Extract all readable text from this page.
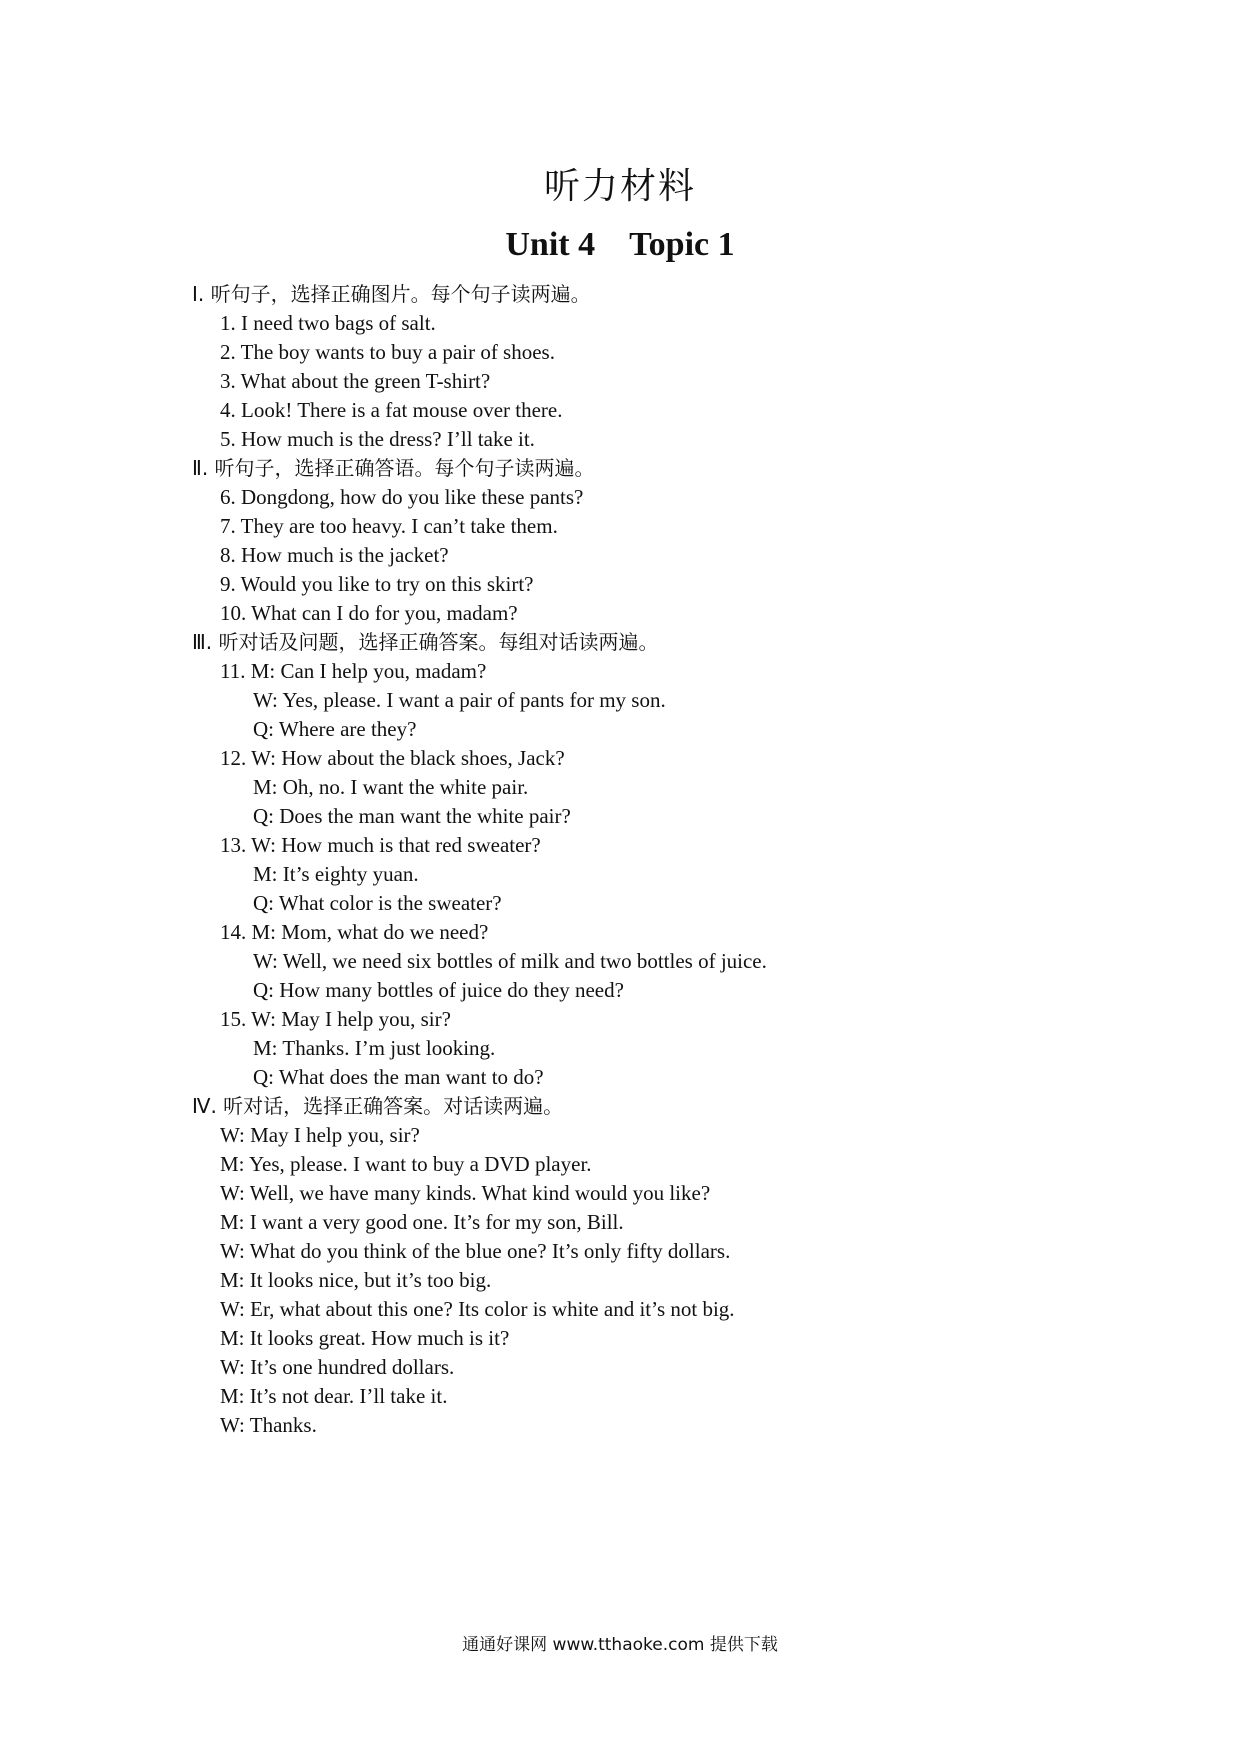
听力材料
Unit 4 Topic 1
Ⅰ. 听句子，选择正确图片。每个句子读两遍。
1. I need two bags of salt.
2. The boy wants to buy a pair of shoes.
3. What about the green T-shirt?
4. Look! There is a fat mouse over there.
5. How much is the dress? I’ll take it.
Ⅱ. 听句子，选择正确答语。每个句子读两遍。
6. Dongdong, how do you like these pants?
7. They are too heavy. I can’t take them.
8. How much is the jacket?
9. Would you like to try on this skirt?
10. What can I do for you, madam?
Ⅲ. 听对话及问题，选择正确答案。每组对话读两遍。
11. M: Can I help you, madam?
W: Yes, please. I want a pair of pants for my son.
Q: Where are they?
12. W: How about the black shoes, Jack?
M: Oh, no. I want the white pair.
Q: Does the man want the white pair?
13. W: How much is that red sweater?
M: It’s eighty yuan.
Q: What color is the sweater?
14. M: Mom, what do we need?
W: Well, we need six bottles of milk and two bottles of juice.
Q: How many bottles of juice do they need?
15. W: May I help you, sir?
M: Thanks. I’m just looking.
Q: What does the man want to do?
Ⅳ. 听对话，选择正确答案。对话读两遍。
W: May I help you, sir?
M: Yes, please. I want to buy a DVD player.
W: Well, we have many kinds. What kind would you like?
M: I want a very good one. It’s for my son, Bill.
W: What do you think of the blue one? It’s only fifty dollars.
M: It looks nice, but it’s too big.
W: Er, what about this one? Its color is white and it’s not big.
M: It looks great. How much is it?
W: It’s one hundred dollars.
M: It’s not dear. I’ll take it.
W: Thanks.
通通好课网 www.tthaoke.com 提供下载
